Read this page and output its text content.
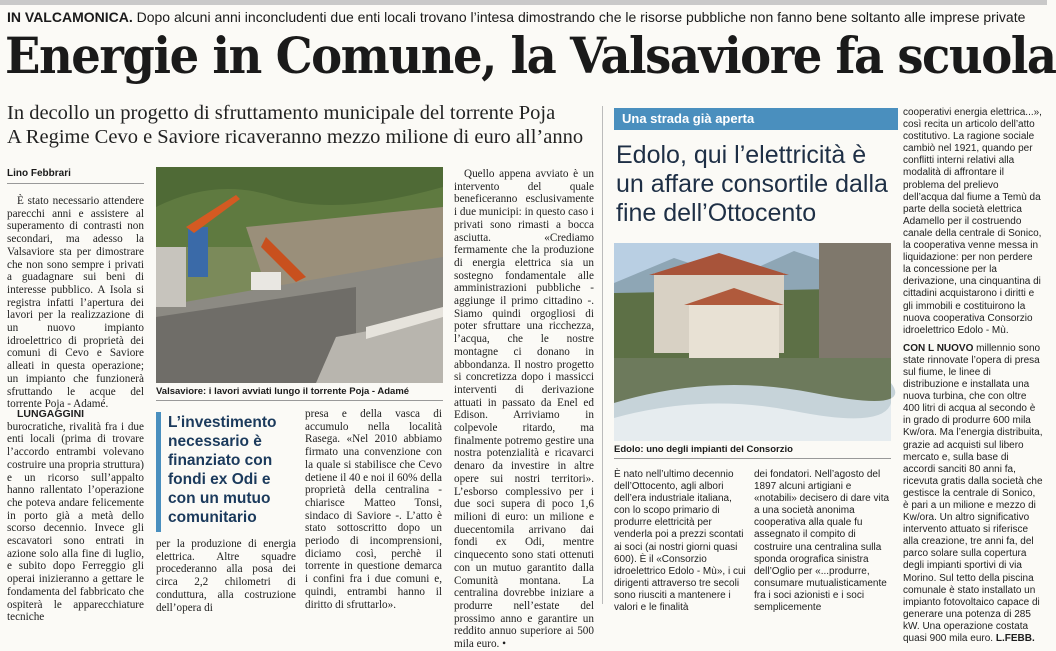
IN VALCAMONICA. Dopo alcuni anni inconcludenti due enti locali trovano l’intesa dimostrando che le risorse pubbliche non fanno bene soltanto alle imprese private
Energie in Comune, la Valsaviore fa scuola
In decollo un progetto di sfruttamento municipale del torrente Poja
A Regime Cevo e Saviore ricaveranno mezzo milione di euro all’anno
Lino Febbrari

È stato necessario attendere parecchi anni e assistere al superamento di contrasti non secondari, ma adesso la Valsaviore sta per dimostrare che non sono sempre i privati a guadagnare sui beni di interesse pubblico. A Isola si registra infatti l’apertura dei lavori per la realizzazione di un nuovo impianto idroelettrico di proprietà dei comuni di Cevo e Saviore alleati in questa operazione; un impianto che funzionerà sfruttando le acque del torrente Poja - Adamé.

Valsaviore: i lavori avviati lungo il torrente Poja - Adamé

LUNGAGGINI burocratiche, rivalità fra i due enti locali (prima di trovare l’accordo entrambi volevano costruire una propria struttura) e un ricorso sull’appalto hanno rallentato l’operazione che poteva andare felicemente in porto già a metà dello scorso decennio. Invece gli escavatori sono entrati in azione solo alla fine di luglio, e subito dopo Ferreggio gli operai inizieranno a gettare le fondamenta del fabbricato che ospiterà le apparecchiature tecniche

L’investimento necessario è finanziato con fondi ex Odi e con un mutuo comunitario

per la produzione di energia elettrica. Altre squadre procederanno alla posa dei circa 2,2 chilometri di conduttura, alla costruzione dell’opera di

presa e della vasca di accumulo nella località Rasega. «Nel 2010 abbiamo firmato una convenzione con la quale si stabilisce che Cevo detiene il 40 e noi il 60% della proprietà della centralina - chiarisce Matteo Tonsi, sindaco di Saviore -. L’atto è stato sottoscritto dopo un periodo di incomprensioni, diciamo così, perchè il torrente in questione demarca i confini fra i due comuni e, quindi, entrambi hanno il diritto di sfruttarlo».

Quello appena avviato è un intervento del quale beneficeranno esclusivamente i due municipi: in questo caso i privati sono rimasti a bocca asciutta. «Crediamo fermamente che la produzione di energia elettrica sia un sostegno fondamentale alle amministrazioni pubbliche - aggiunge il primo cittadino -. Siamo quindi orgogliosi di poter sfruttare una ricchezza, l’acqua, che le nostre montagne ci donano in abbondanza. Il nostro progetto si concretizza dopo i massicci interventi di derivazione attuati in passato da Enel ed Edison. Arriviamo in colpevole ritardo, ma finalmente potremo gestire una nostra potenzialità e ricavarci denaro da investire in altre opere sui nostri territori». L’esborso complessivo per i due soci supera di poco 1,6 milioni di euro: un milione e duecentomila arrivano dai fondi ex Odi, mentre cinquecento sono stati ottenuti con un mutuo garantito dalla Comunità montana. La centralina dovrebbe iniziare a produrre nell’estate del prossimo anno e garantire un reddito annuo superiore ai 500 mila euro. •

Una strada già aperta
Edolo, qui l’elettricità è un affare consortile dalla fine dell’Ottocento
Edolo: uno degli impianti del Consorzio

È nato nell’ultimo decennio dell’Ottocento, agli albori dell’era industriale italiana, con lo scopo primario di produrre elettricità per venderla poi a prezzi scontati ai soci (ai nostri giorni quasi 600). È il «Consorzio idroelettrico Edolo - Mù», i cui dirigenti attraverso tre secoli sono riusciti a mantenere i valori e le finalità

dei fondatori. Nell’agosto del 1897 alcuni artigiani e «notabili» decisero di dare vita a una società anonima cooperativa alla quale fu assegnato il compito di costruire una centralina sulla sponda orografica sinistra dell’Oglio per «...produrre, consumare mutualisticamente fra i soci azionisti e i soci semplicemente

cooperativi energia elettrica...», così recita un articolo dell’atto costitutivo. La ragione sociale cambiò nel 1921, quando per conflitti interni relativi alla modalità di affrontare il problema del prelievo dell’acqua dal fiume a Temù da parte della società elettrica Adamello per il costruendo canale della centrale di Sonico, la cooperativa venne messa in liquidazione: per non perdere la concessione per la derivazione, una cinquantina di cittadini acquistarono i diritti e gli immobili e costituirono la nuova cooperativa Consorzio idroelettrico Edolo - Mù.

CON L NUOVO millennio sono state rinnovate l’opera di presa sul fiume, le linee di distribuzione e installata una nuova turbina, che con oltre 400 litri di acqua al secondo è in grado di produrre 600 mila Kw/ora. Ma l’energia distribuita, grazie ad acquisti sul libero mercato e, sulla base di accordi sanciti 80 anni fa, ricevuta gratis dalla società che gestisce la centrale di Sonico, è pari a un milione e mezzo di Kw/ora. Un altro significativo intervento attuato si riferisce alla creazione, tre anni fa, del parco solare sulla copertura degli impianti sportivi di via Morino. Sul tetto della piscina comunale è stato installato un impianto fotovoltaico capace di generare una potenza di 285 kW. Una operazione costata quasi 900 mila euro. L.FEBB.
